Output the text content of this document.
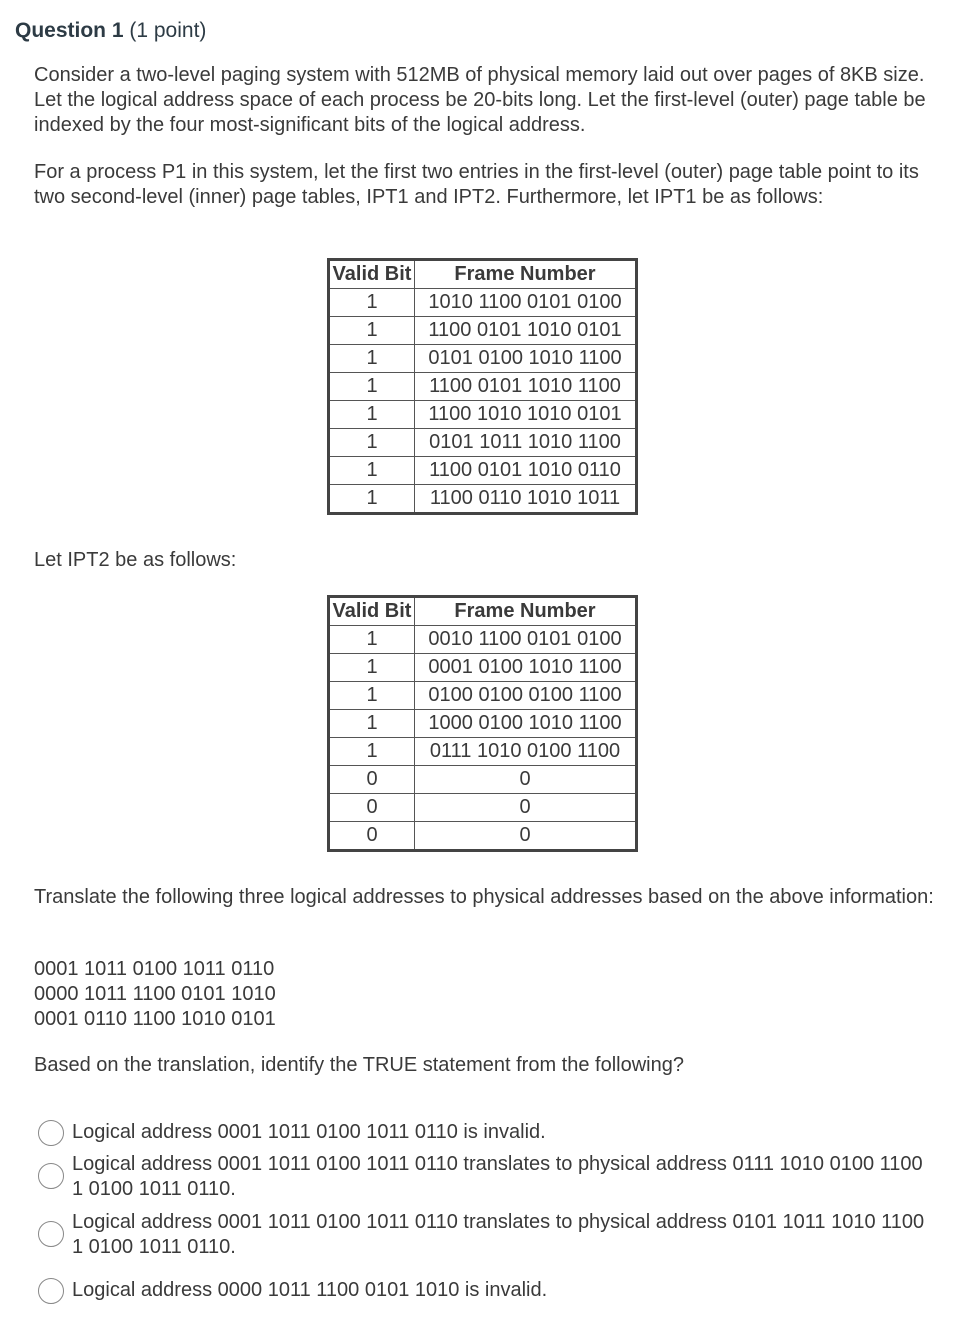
Question 1 (1 point)

Consider a two-level paging system with 512MB of physical memory laid out over pages of 8KB size. Let the logical address space of each process be 20-bits long. Let the first-level (outer) page table be indexed by the four most-significant bits of the logical address.

For a process P1 in this system, let the first two entries in the first-level (outer) page table point to its two second-level (inner) page tables, IPT1 and IPT2. Furthermore, let IPT1 be as follows:

Valid Bit	Frame Number
1	1010 1100 0101 0100
1	1100 0101 1010 0101
1	0101 0100 1010 1100
1	1100 0101 1010 1100
1	1100 1010 1010 0101
1	0101 1011 1010 1100
1	1100 0101 1010 0110
1	1100 0110 1010 1011

Let IPT2 be as follows:

Valid Bit	Frame Number
1	0010 1100 0101 0100
1	0001 0100 1010 1100
1	0100 0100 0100 1100
1	1000 0100 1010 1100
1	0111 1010 0100 1100
0	0
0	0
0	0

Translate the following three logical addresses to physical addresses based on the above information:

0001 1011 0100 1011 0110
0000 1011 1100 0101 1010
0001 0110 1100 1010 0101

Based on the translation, identify the TRUE statement from the following?

Logical address 0001 1011 0100 1011 0110 is invalid.
Logical address 0001 1011 0100 1011 0110 translates to physical address 0111 1010 0100 1100 1 0100 1011 0110.
Logical address 0001 1011 0100 1011 0110 translates to physical address 0101 1011 1010 1100 1 0100 1011 0110.
Logical address 0000 1011 1100 0101 1010 is invalid.
